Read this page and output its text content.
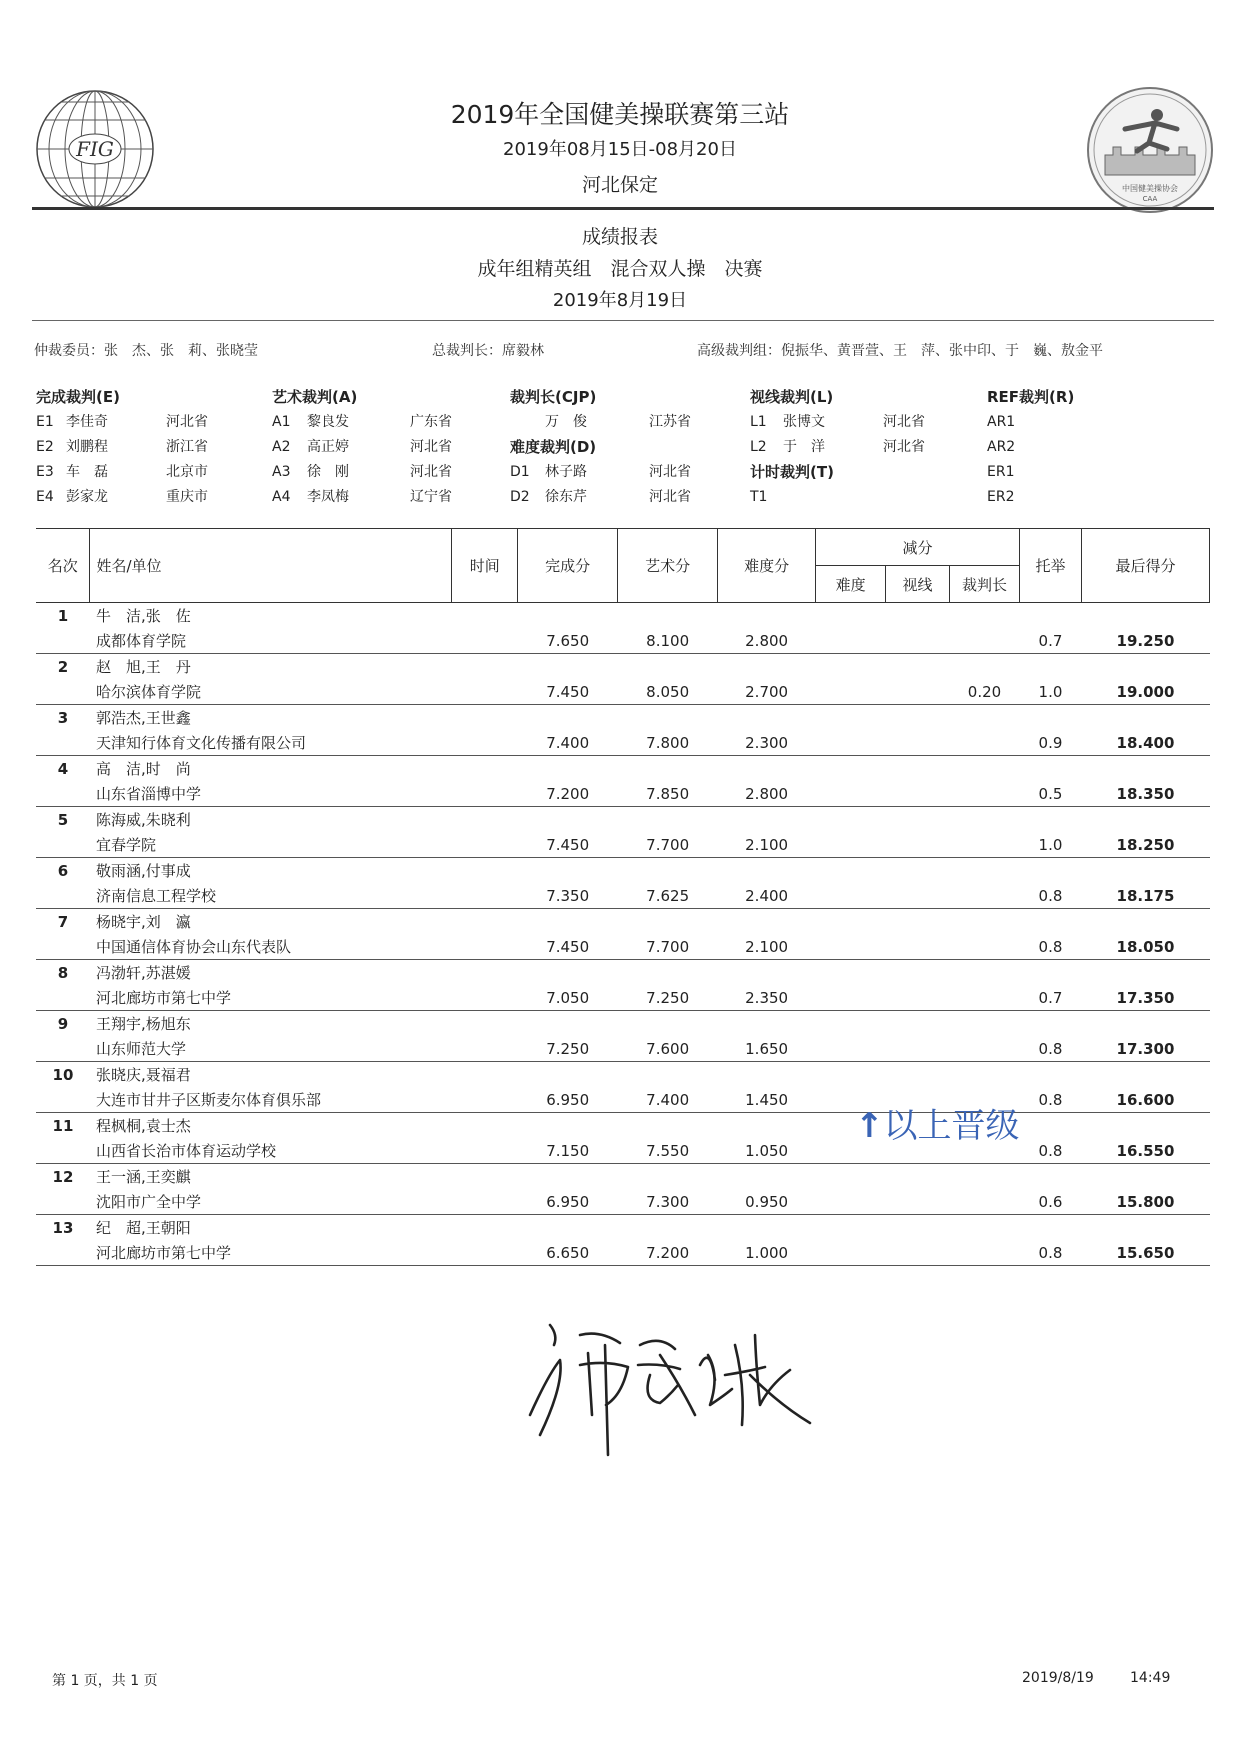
FIG
中国健美操协会
CAA
2019年全国健美操联赛第三站
2019年08月15日-08月20日
河北保定
成绩报表
成年组精英组　混合双人操　决赛
2019年8月19日
仲裁委员：张　杰、张　莉、张晓莹	总裁判长：席毅林	高级裁判组：倪振华、黄晋萱、王　萍、张中印、于　巍、敖金平
完成裁判(E)
E1 李佳奇	河北省
E2 刘鹏程	浙江省
E3 车　磊	北京市
E4 彭家龙	重庆市
艺术裁判(A)
A1 黎良发	广东省
A2 高正婷	河北省
A3 徐　刚	河北省
A4 李凤梅	辽宁省
裁判长(CJP)
万　俊	江苏省
难度裁判(D)
D1 林子路	河北省
D2 徐东芹	河北省
视线裁判(L)
L1 张博文	河北省
L2 于　洋	河北省
计时裁判(T)
T1
REF裁判(R)
AR1
AR2
ER1
ER2
名次	姓名/单位	时间	完成分	艺术分	难度分	减分			托举	最后得分
						难度	视线	裁判长		
1	牛　洁,张　佐									
	成都体育学院		7.650	8.100	2.800				0.7	19.250
2	赵　旭,王　丹									
	哈尔滨体育学院		7.450	8.050	2.700			0.20	1.0	19.000
3	郭浩杰,王世鑫									
	天津知行体育文化传播有限公司		7.400	7.800	2.300				0.9	18.400
4	高　洁,时　尚									
	山东省淄博中学		7.200	7.850	2.800				0.5	18.350
5	陈海威,朱晓利									
	宜春学院		7.450	7.700	2.100				1.0	18.250
6	敬雨涵,付事成									
	济南信息工程学校		7.350	7.625	2.400				0.8	18.175
7	杨晓宇,刘　瀛									
	中国通信体育协会山东代表队		7.450	7.700	2.100				0.8	18.050
8	冯渤轩,苏湛媛									
	河北廊坊市第七中学		7.050	7.250	2.350				0.7	17.350
9	王翔宇,杨旭东									
	山东师范大学		7.250	7.600	1.650				0.8	17.300
10	张晓庆,聂福君									
	大连市甘井子区斯麦尔体育俱乐部		6.950	7.400	1.450				0.8	16.600
11	程枫桐,袁士杰									
	山西省长治市体育运动学校		7.150	7.550	1.050				0.8	16.550
12	王一涵,王奕麒									
	沈阳市广全中学		6.950	7.300	0.950				0.6	15.800
13	纪　超,王朝阳									
	河北廊坊市第七中学		6.650	7.200	1.000				0.8	15.650
↑以上晋级
第 1 页，共 1 页	2019/8/19	14:49
